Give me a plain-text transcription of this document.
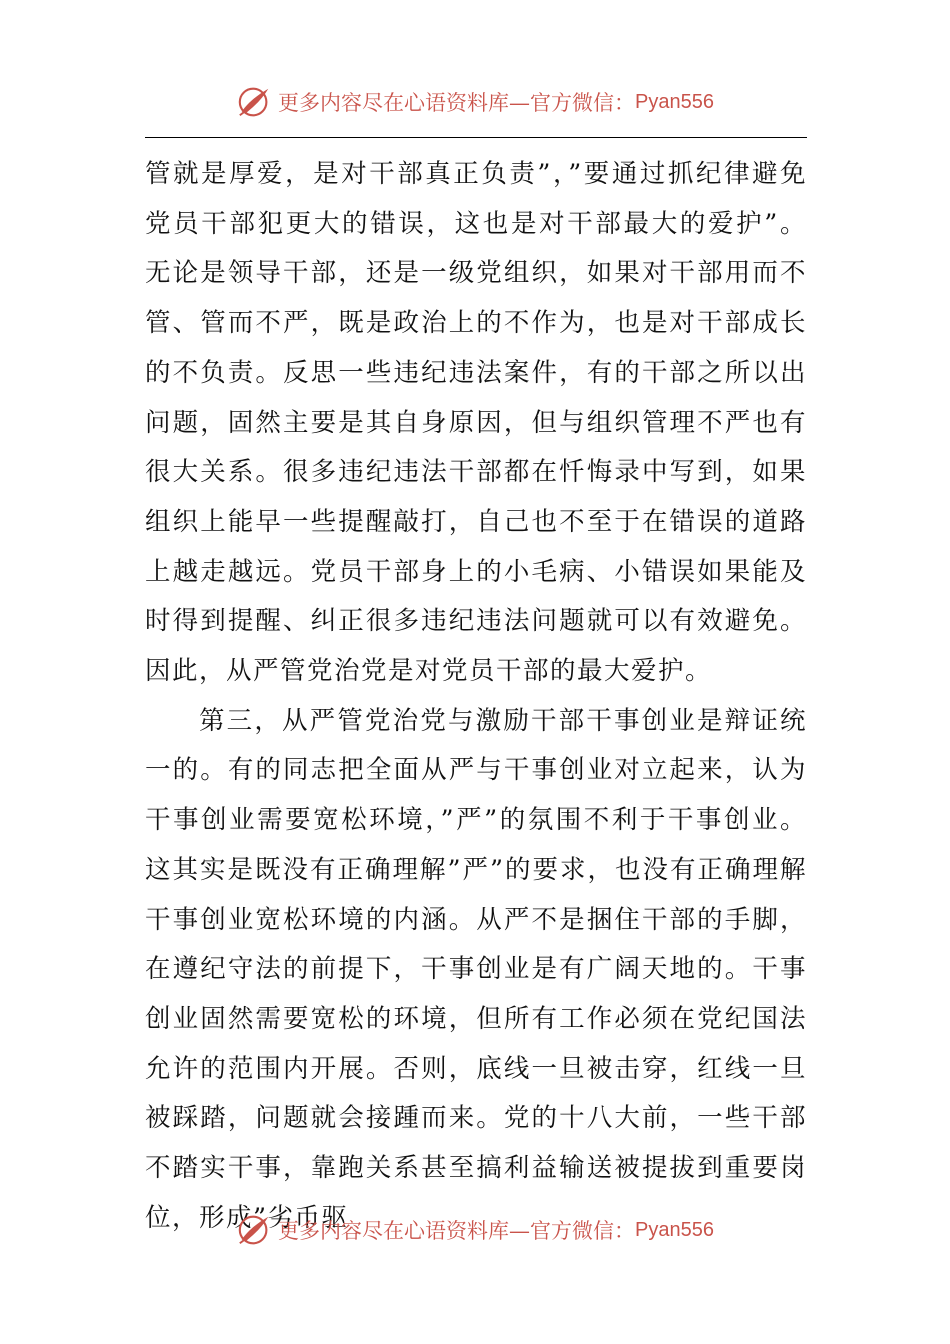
更多内容尽在心语资料库—官方微信： Pyan556

管就是厚爱，是对干部真正负责”，”要通过抓纪律避免党员干部犯更大的错误，这也是对干部最大的爱护”。无论是领导干部，还是一级党组织，如果对干部用而不管、管而不严，既是政治上的不作为，也是对干部成长的不负责。反思一些违纪违法案件，有的干部之所以出问题，固然主要是其自身原因，但与组织管理不严也有很大关系。很多违纪违法干部都在忏悔录中写到，如果组织上能早一些提醒敲打，自己也不至于在错误的道路上越走越远。党员干部身上的小毛病、小错误如果能及时得到提醒、纠正很多违纪违法问题就可以有效避免。因此，从严管党治党是对党员干部的最大爱护。

第三，从严管党治党与激励干部干事创业是辩证统一的。有的同志把全面从严与干事创业对立起来，认为干事创业需要宽松环境，”严”的氛围不利于干事创业。这其实是既没有正确理解”严”的要求，也没有正确理解干事创业宽松环境的内涵。从严不是捆住干部的手脚，在遵纪守法的前提下，干事创业是有广阔天地的。干事创业固然需要宽松的环境，但所有工作必须在党纪国法允许的范围内开展。否则，底线一旦被击穿，红线一旦被踩踏，问题就会接踵而来。党的十八大前，一些干部不踏实干事，靠跑关系甚至搞利益输送被提拔到重要岗位，形成”劣币驱

更多内容尽在心语资料库—官方微信： Pyan556
